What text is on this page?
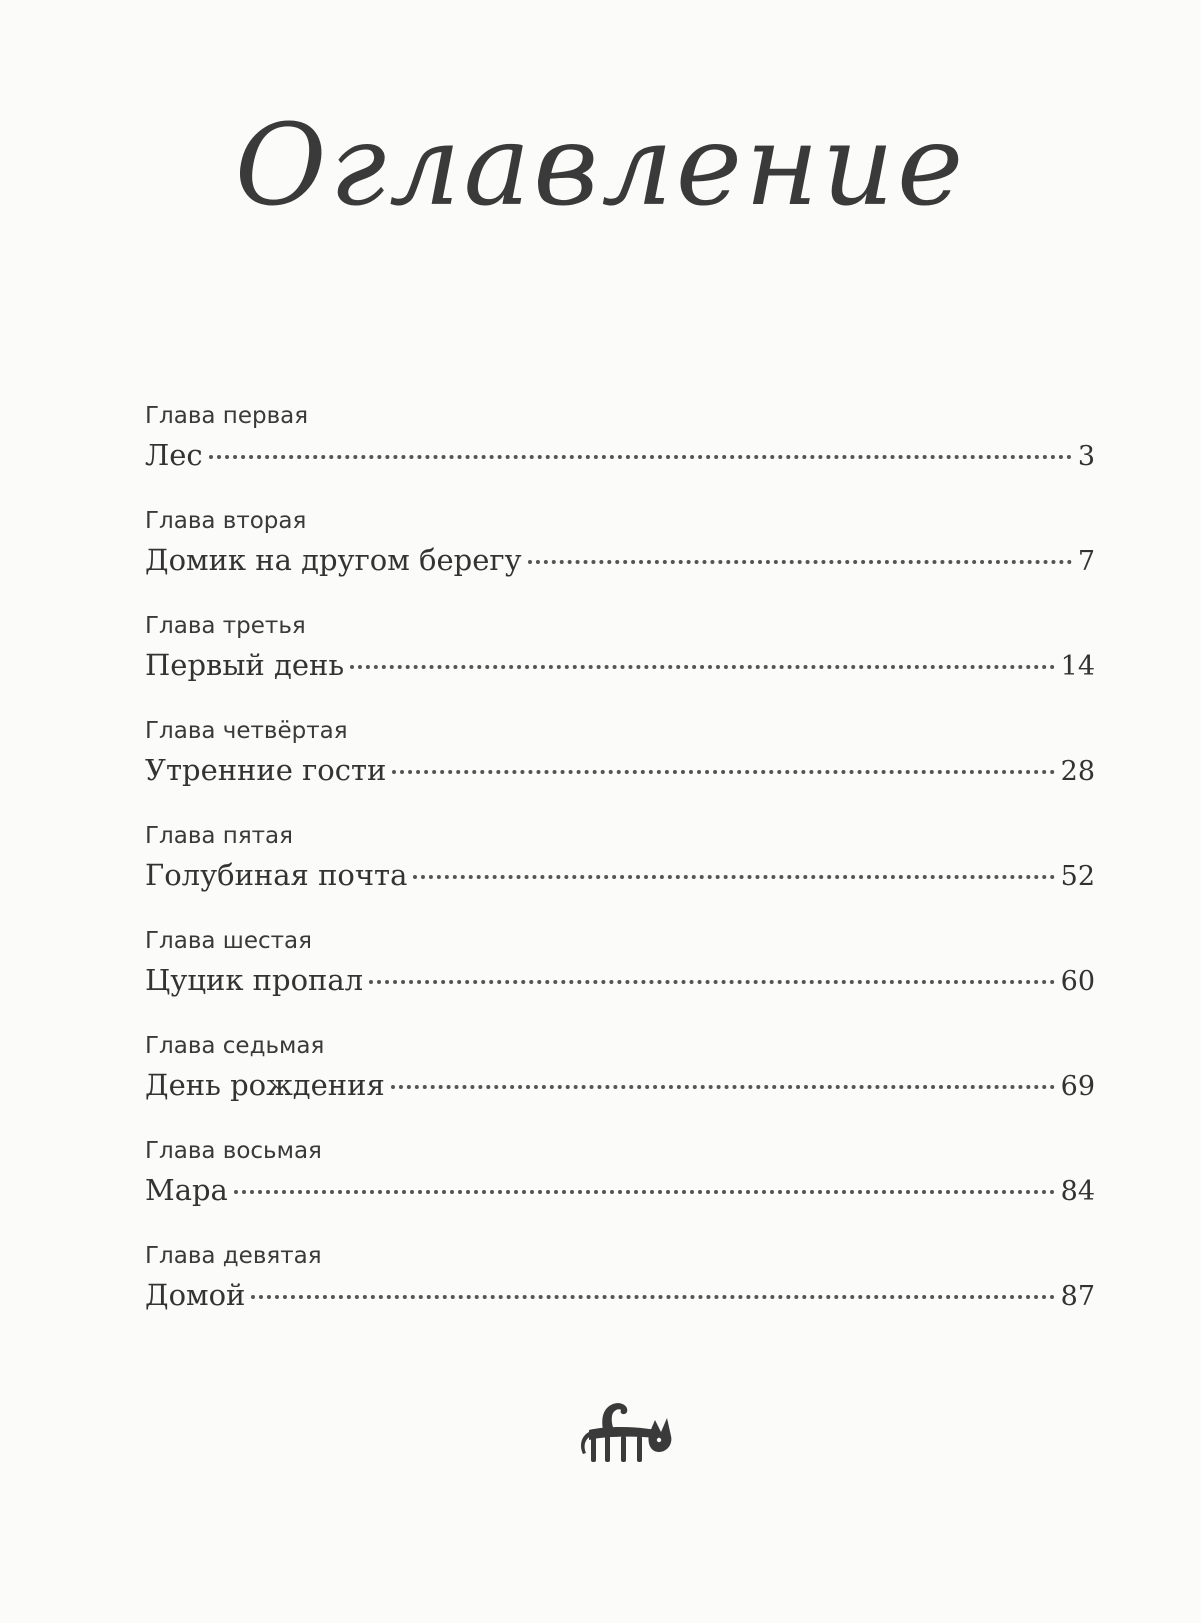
Оглавление
Глава первая
Лес	3
Глава вторая
Домик на другом берегу	7
Глава третья
Первый день	14
Глава четвёртая
Утренние гости	28
Глава пятая
Голубиная почта	52
Глава шестая
Цуцик пропал	60
Глава седьмая
День рождения	69
Глава восьмая
Мара	84
Глава девятая
Домой	87
